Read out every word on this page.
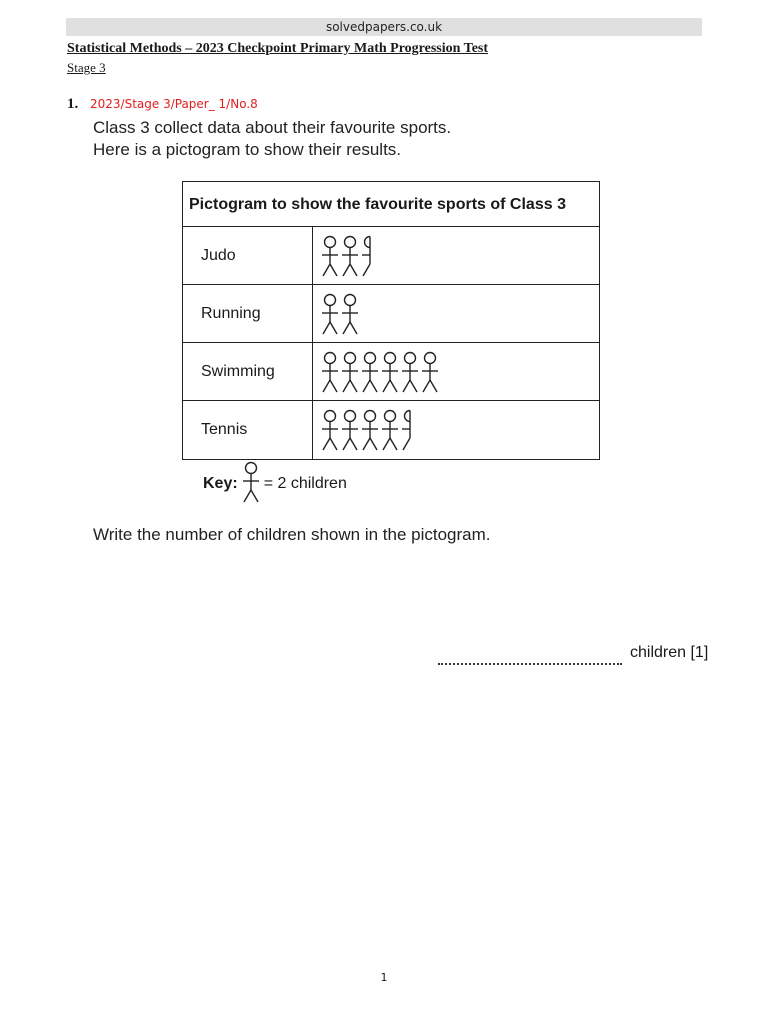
solvedpapers.co.uk
Statistical Methods – 2023 Checkpoint Primary Math Progression Test
Stage 3
1. 2023/Stage 3/Paper_ 1/No.8
Class 3 collect data about their favourite sports.
Here is a pictogram to show their results.
Pictogram to show the favourite sports of Class 3
Judo
Running
Swimming
Tennis
Key: = 2 children
Write the number of children shown in the pictogram.
children [1]
1
